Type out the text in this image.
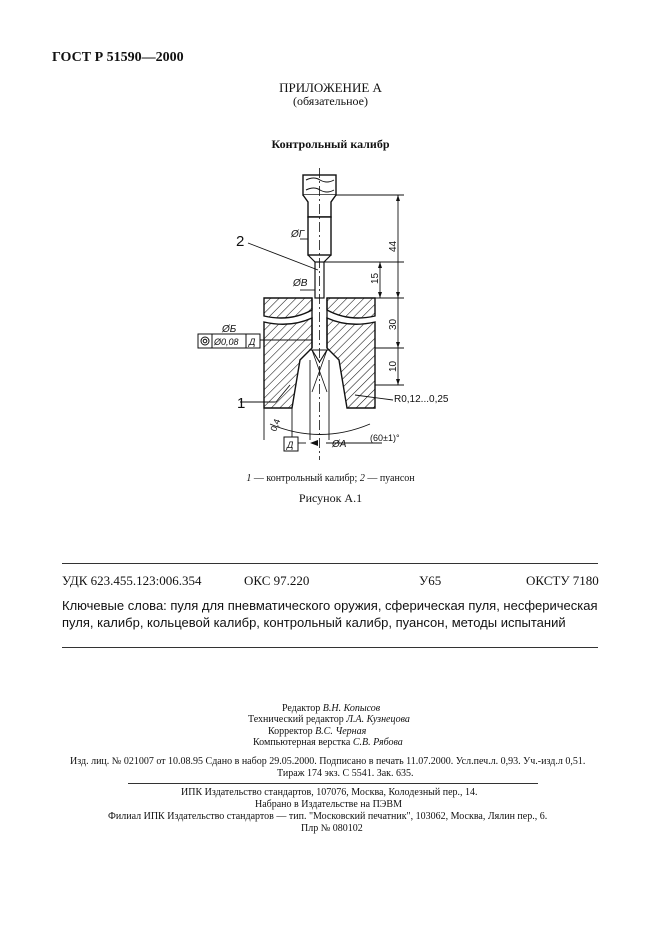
ГОСТ Р 51590—2000
ПРИЛОЖЕНИЕ А
(обязательное)
Контрольный калибр
2
1
ØГ
ØВ
ØБ
ØA
Ø0,08 Д
Д
R0,12...0,25
(60±1)°
0,4
44
15
30
10
1 — контрольный калибр; 2 — пуансон
Рисунок А.1
УДК 623.455.123:006.354	ОКС 97.220	У65	ОКСТУ 7180
Ключевые слова: пуля для пневматического оружия, сферическая пуля, несферическая пуля, калибр, кольцевой калибр, контрольный калибр, пуансон, методы испытаний
Редактор В.Н. Копысов
Технический редактор Л.А. Кузнецова
Корректор В.С. Черная
Компьютерная верстка С.В. Рябова
Изд. лиц. № 021007 от 10.08.95 Сдано в набор 29.05.2000. Подписано в печать 11.07.2000. Усл.печ.л. 0,93. Уч.-изд.л 0,51.
Тираж 174 экз. С 5541. Зак. 635.
ИПК Издательство стандартов, 107076, Москва, Колодезный пер., 14.
Набрано в Издательстве на ПЭВМ
Филиал ИПК Издательство стандартов — тип. "Московский печатник", 103062, Москва, Лялин пер., 6.
Плр № 080102
